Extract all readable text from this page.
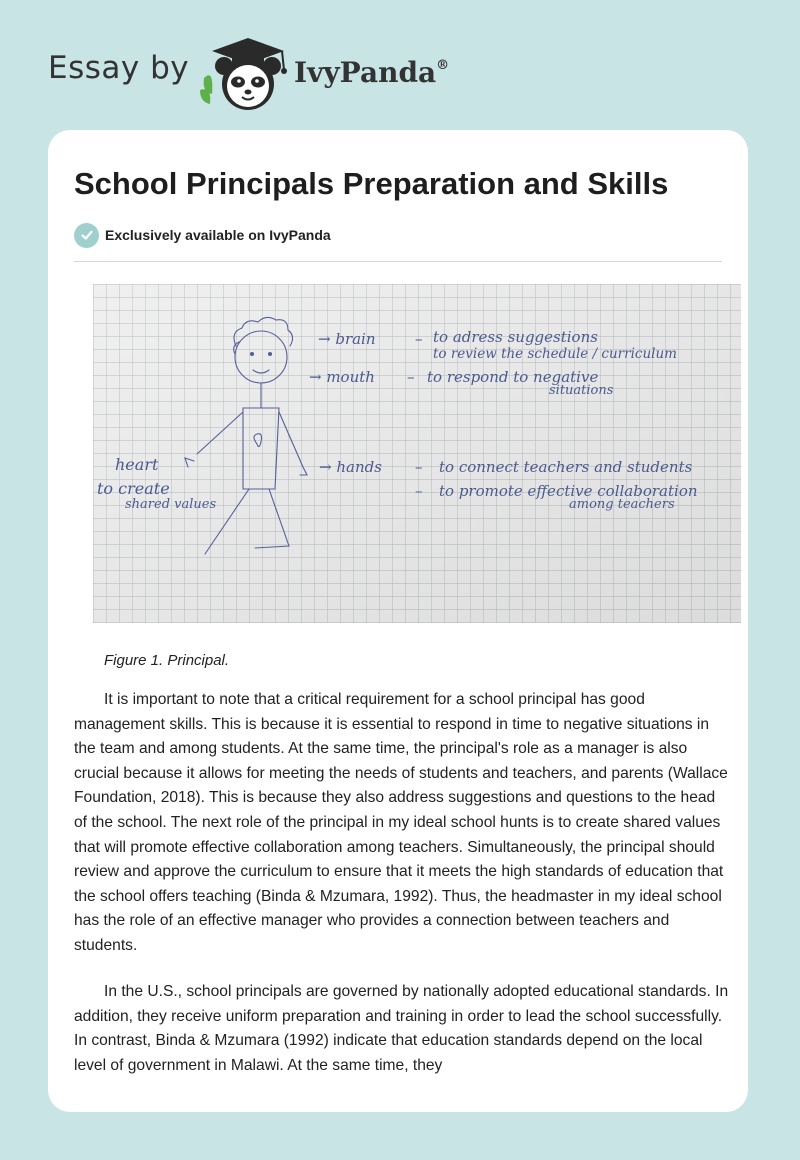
Essay by	IvyPanda®
School Principals Preparation and Skills
Exclusively available on IvyPanda
→ brain	– to adress suggestions
to review the schedule / curriculum
→ mouth – to respond to negative
situations
heart
to create
shared values
→ hands – to connect teachers and students
– to promote effective collaboration
among teachers

Figure 1. Principal.

It is important to note that a critical requirement for a school principal has good management skills. This is because it is essential to respond in time to negative situations in the team and among students. At the same time, the principal's role as a manager is also crucial because it allows for meeting the needs of students and teachers, and parents (Wallace Foundation, 2018). This is because they also address suggestions and questions to the head of the school. The next role of the principal in my ideal school hunts is to create shared values that will promote effective collaboration among teachers. Simultaneously, the principal should review and approve the curriculum to ensure that it meets the high standards of education that the school offers teaching (Binda & Mzumara, 1992). Thus, the headmaster in my ideal school has the role of an effective manager who provides a connection between teachers and students.

In the U.S., school principals are governed by nationally adopted educational standards. In addition, they receive uniform preparation and training in order to lead the school successfully. In contrast, Binda & Mzumara (1992) indicate that education standards depend on the local level of government in Malawi. At the same time, they
